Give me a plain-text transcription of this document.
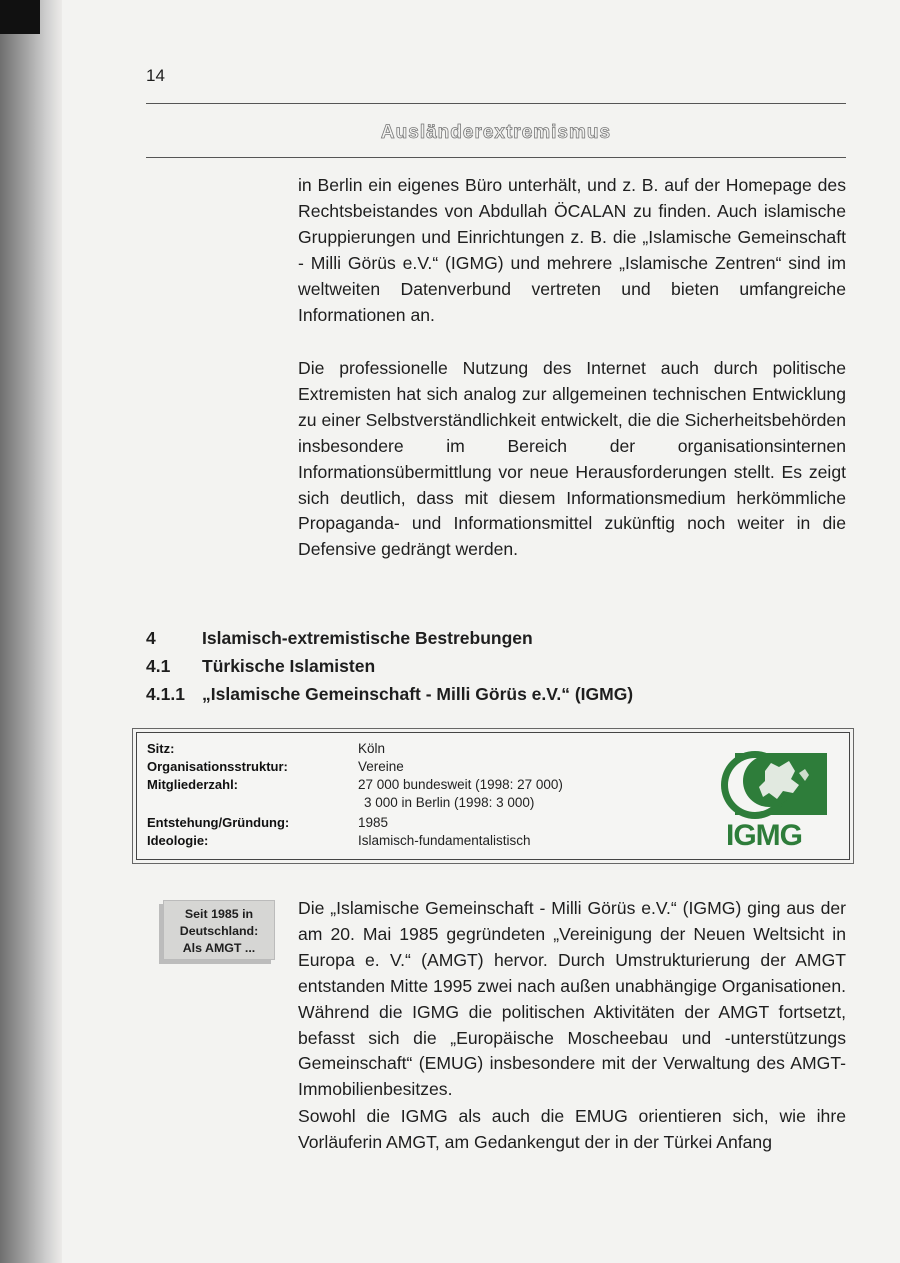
14
Ausländerextremismus

in Berlin ein eigenes Büro unterhält, und z. B. auf der Homepage des Rechtsbeistandes von Abdullah ÖCALAN zu finden. Auch islamische Gruppierungen und Einrichtungen z. B. die „Islamische Gemeinschaft - Milli Görüs e.V.“ (IGMG) und mehrere „Islamische Zentren“ sind im weltweiten Datenverbund vertreten und bieten umfangreiche Informationen an.

Die professionelle Nutzung des Internet auch durch politische Extremisten hat sich analog zur allgemeinen technischen Entwicklung zu einer Selbstverständlichkeit entwickelt, die die Sicherheitsbehörden insbesondere im Bereich der organisationsinternen Informationsübermittlung vor neue Herausforderungen stellt. Es zeigt sich deutlich, dass mit diesem Informationsmedium herkömmliche Propaganda- und Informationsmittel zukünftig noch weiter in die Defensive gedrängt werden.

4	Islamisch-extremistische Bestrebungen
4.1 Türkische Islamisten
4.1.1 „Islamische Gemeinschaft - Milli Görüs e.V.“ (IGMG)
Sitz:	Köln
Organisationsstruktur:	Vereine
Mitgliederzahl:	27 000 bundesweit (1998: 27 000)
3 000 in Berlin (1998: 3 000)
Entstehung/Gründung:	1985
Ideologie:	Islamisch-fundamentalistisch	IGMG
Seit 1985 in
Deutschland:
Als AMGT ...

Die „Islamische Gemeinschaft - Milli Görüs e.V.“ (IGMG) ging aus der am 20. Mai 1985 gegründeten „Vereinigung der Neuen Weltsicht in Europa e. V.“ (AMGT) hervor. Durch Umstrukturierung der AMGT entstanden Mitte 1995 zwei nach außen unabhängige Organisationen. Während die IGMG die politischen Aktivitäten der AMGT fortsetzt, befasst sich die „Europäische Moscheebau und -unterstützungs Gemeinschaft“ (EMUG) insbesondere mit der Verwaltung des AMGT-Immobilienbesitzes.

Sowohl die IGMG als auch die EMUG orientieren sich, wie ihre Vorläuferin AMGT, am Gedankengut der in der Türkei Anfang
